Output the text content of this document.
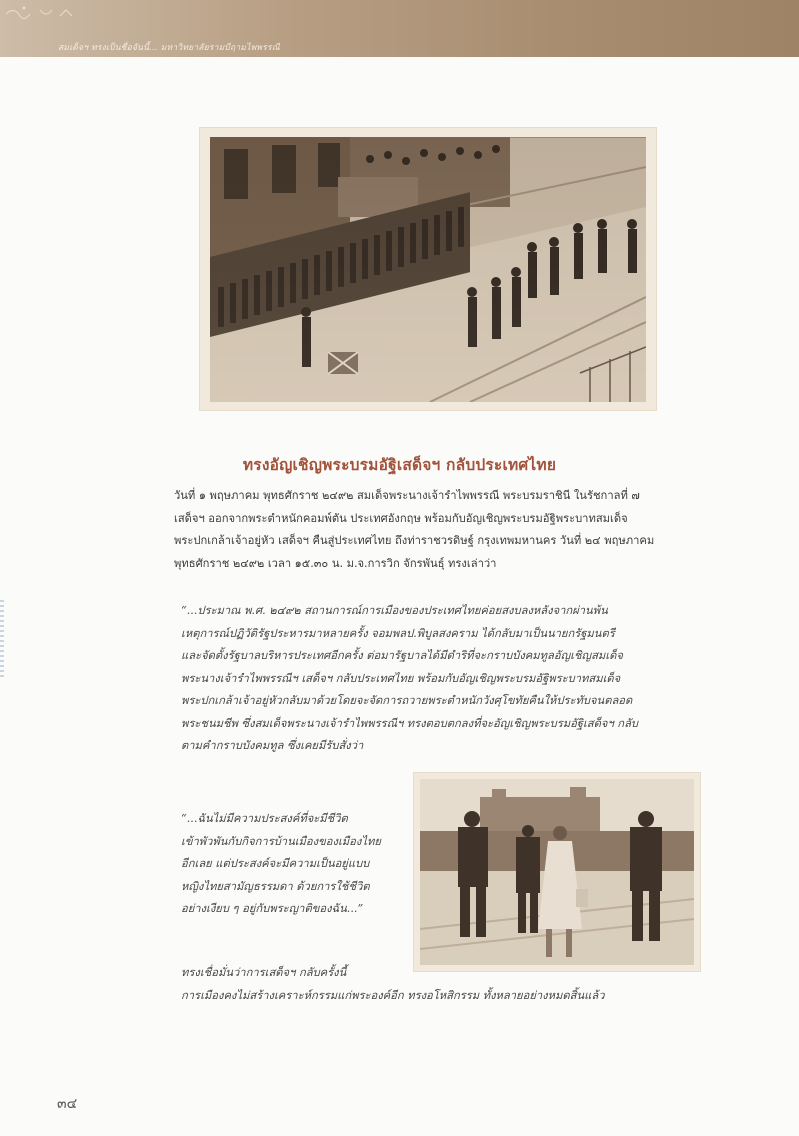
สมเด็จฯ ทรงเป็นชื่อจันนี้... มหาวิทยาลัยรามบีฤามไพพรรณี
ทรงอัญเชิญพระบรมอัฐิเสด็จฯ กลับประเทศไทย
วันที่ ๑ พฤษภาคม พุทธศักราช ๒๔๙๒ สมเด็จพระนางเจ้ารำไพพรรณี พระบรมราชินี ในรัชกาลที่ ๗
เสด็จฯ ออกจากพระตำหนักคอมพ์ตัน ประเทศอังกฤษ พร้อมกับอัญเชิญพระบรมอัฐิพระบาทสมเด็จ
พระปกเกล้าเจ้าอยู่หัว เสด็จฯ คืนสู่ประเทศไทย ถึงท่าราชวรดิษฐ์ กรุงเทพมหานคร วันที่ ๒๔ พฤษภาคม
พุทธศักราช ๒๔๙๒ เวลา ๑๕.๓๐ น. ม.จ.การวิก จักรพันธุ์ ทรงเล่าว่า
“...ประมาณ พ.ศ. ๒๔๙๒ สถานการณ์การเมืองของประเทศไทยค่อยสงบลงหลังจากผ่านพ้น
เหตุการณ์ปฏิวัติรัฐประหารมาหลายครั้ง จอมพลป.พิบูลสงคราม ได้กลับมาเป็นนายกรัฐมนตรี
และจัดตั้งรัฐบาลบริหารประเทศอีกครั้ง ต่อมารัฐบาลได้มีดำริที่จะกราบบังคมทูลอัญเชิญสมเด็จ
พระนางเจ้ารำไพพรรณีฯ เสด็จฯ กลับประเทศไทย พร้อมกับอัญเชิญพระบรมอัฐิพระบาทสมเด็จ
พระปกเกล้าเจ้าอยู่หัวกลับมาด้วยโดยจะจัดการถวายพระตำหนักวังศุโขทัยคืนให้ประทับจนตลอด
พระชนมชีพ ซึ่งสมเด็จพระนางเจ้ารำไพพรรณีฯ ทรงตอบตกลงที่จะอัญเชิญพระบรมอัฐิเสด็จฯ กลับ
ตามคำกราบบังคมทูล ซึ่งเคยมีรับสั่งว่า
“...ฉันไม่มีความประสงค์ที่จะมีชีวิต
เข้าพัวพันกับกิจการบ้านเมืองของเมืองไทย
อีกเลย แต่ประสงค์จะมีความเป็นอยู่แบบ
หญิงไทยสามัญธรรมดา ด้วยการใช้ชีวิต
อย่างเงียบ ๆ อยู่กับพระญาติของฉัน...”
ทรงเชื่อมั่นว่าการเสด็จฯ กลับครั้งนี้
การเมืองคงไม่สร้างเคราะห์กรรมแก่พระองค์อีก ทรงอโหสิกรรม ทั้งหลายอย่างหมดสิ้นแล้ว
๓๔
